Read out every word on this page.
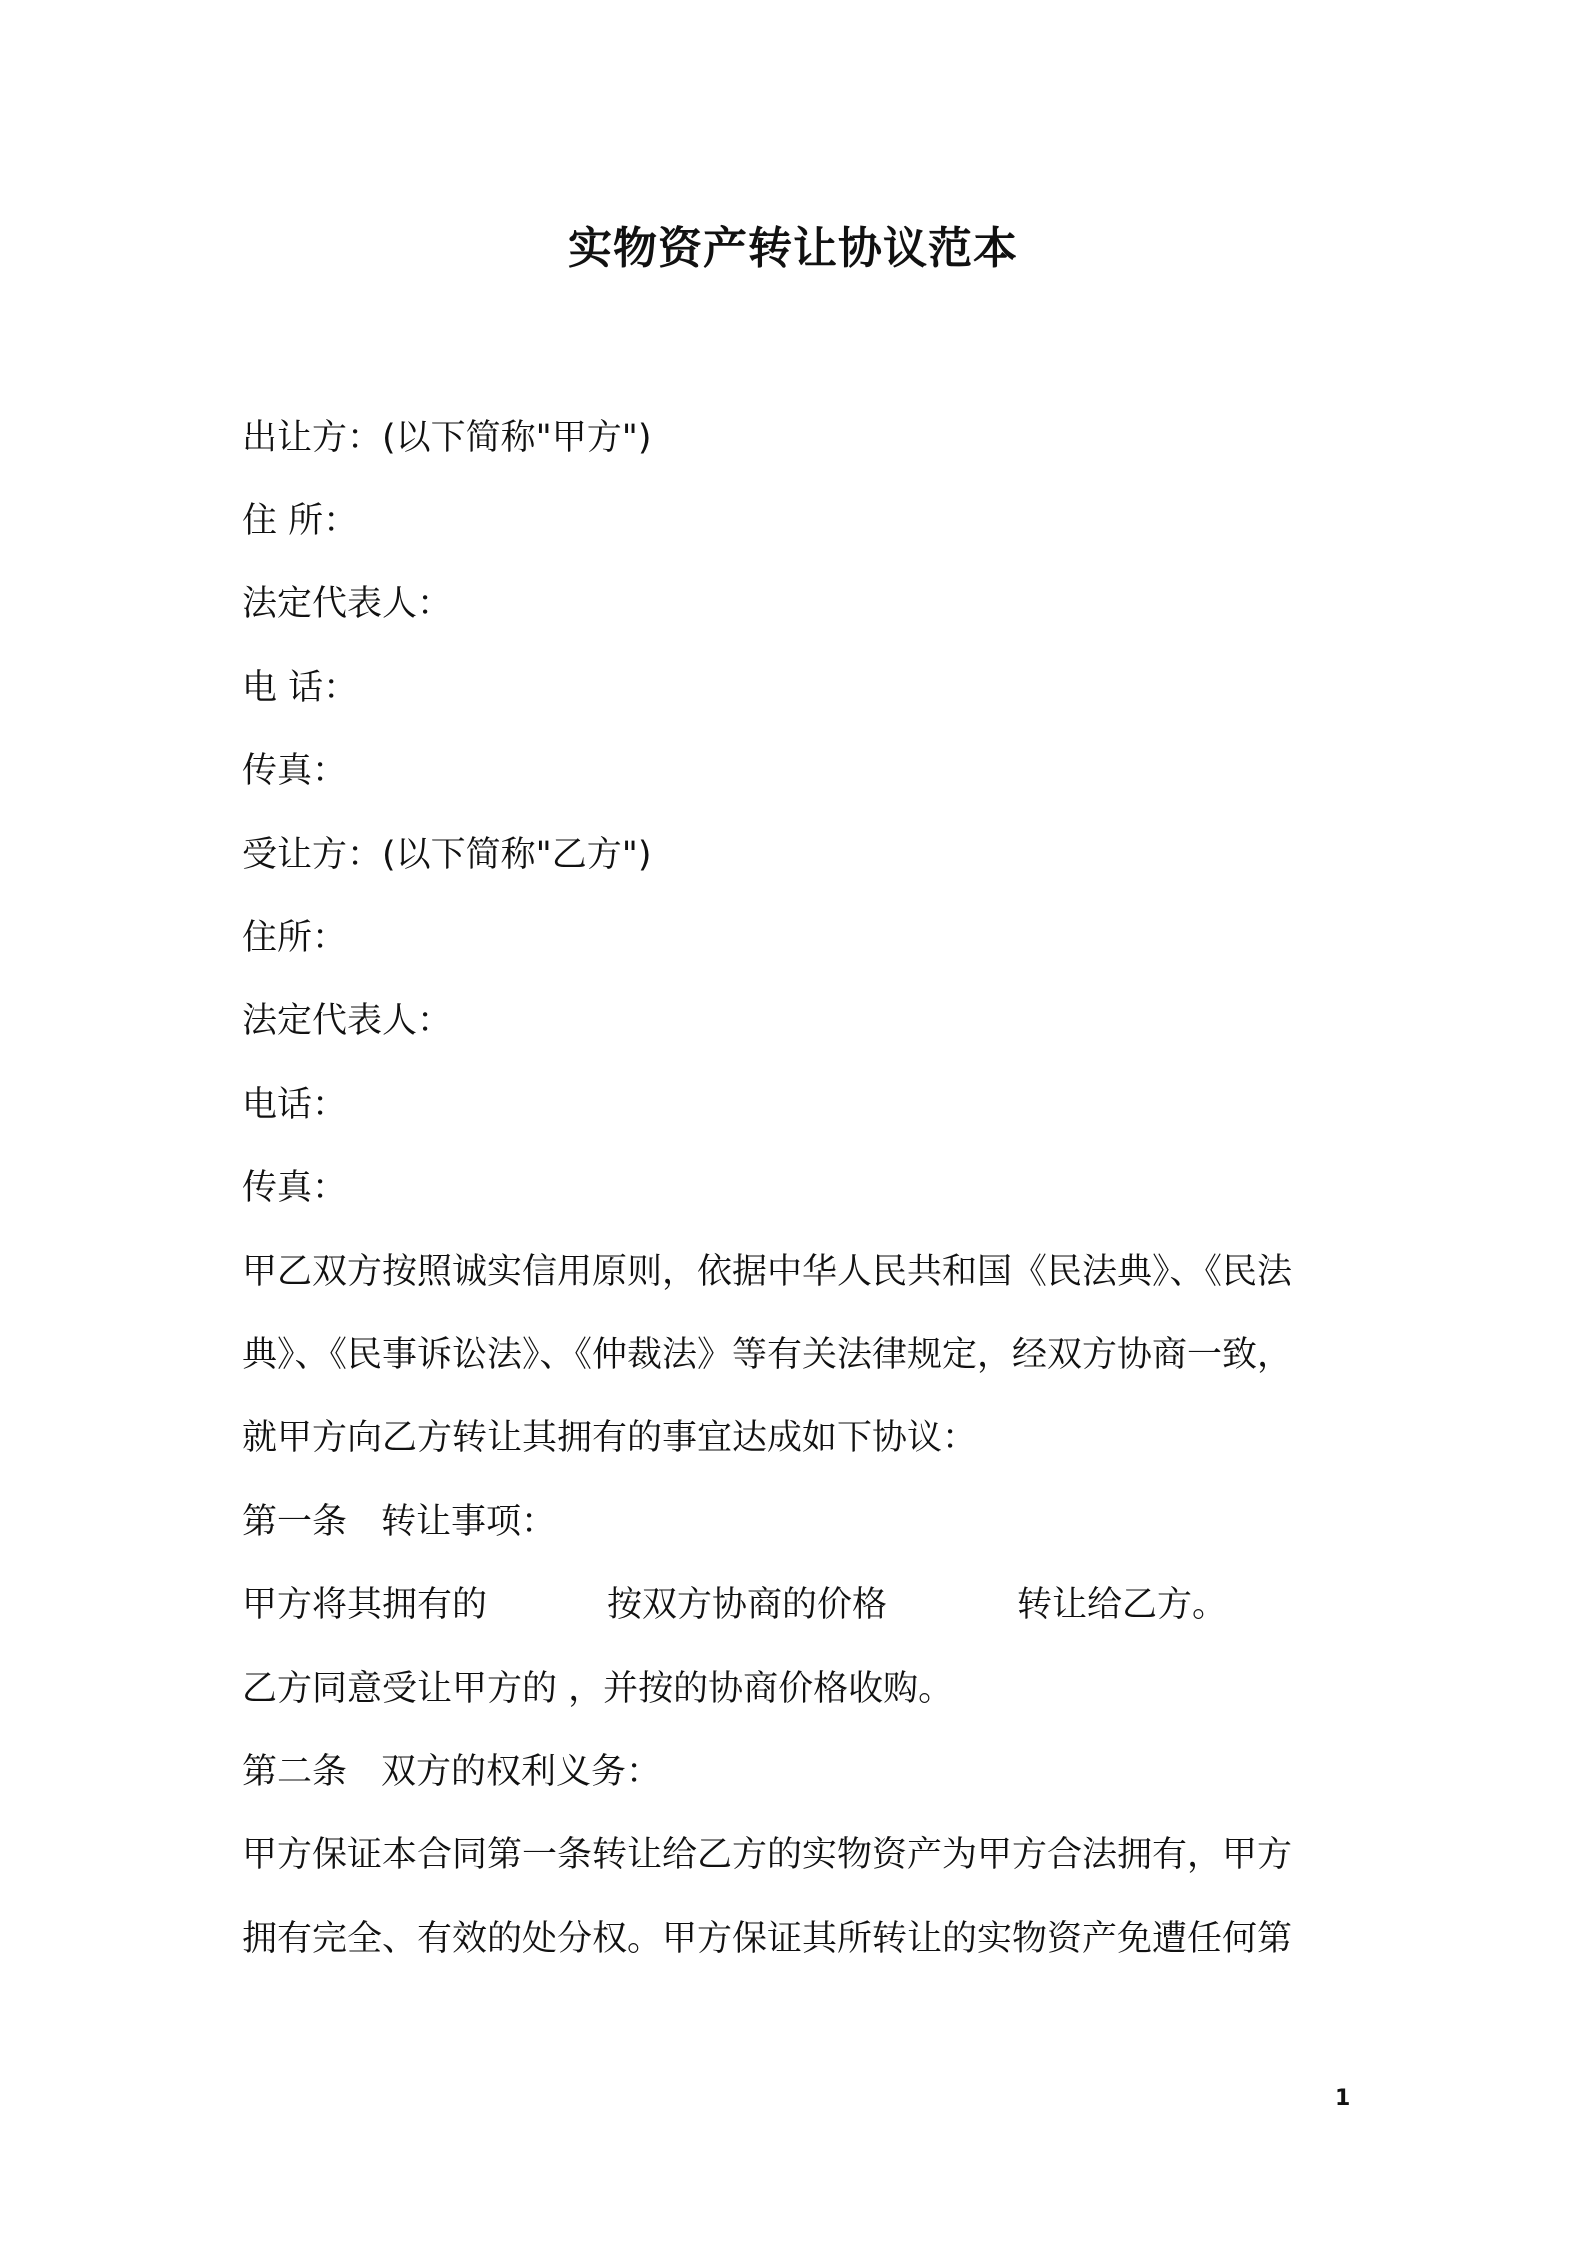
实物资产转让协议范本
出让方：(以下简称"甲方")
住 所：
法定代表人：
电 话：
传真：
受让方：(以下简称"乙方")
住所：
法定代表人：
电话：
传真：
甲乙双方按照诚实信用原则，依据中华人民共和国《民法典》、《民法
典》、《民事诉讼法》、《仲裁法》等有关法律规定，经双方协商一致，
就甲方向乙方转让其拥有的事宜达成如下协议：
第一条 转让事项：
甲方将其拥有的	按双方协商的价格	转让给乙方。
乙方同意受让甲方的 ，并按的协商价格收购。
第二条 双方的权利义务：
甲方保证本合同第一条转让给乙方的实物资产为甲方合法拥有，甲方
拥有完全、有效的处分权。甲方保证其所转让的实物资产免遭任何第
1
